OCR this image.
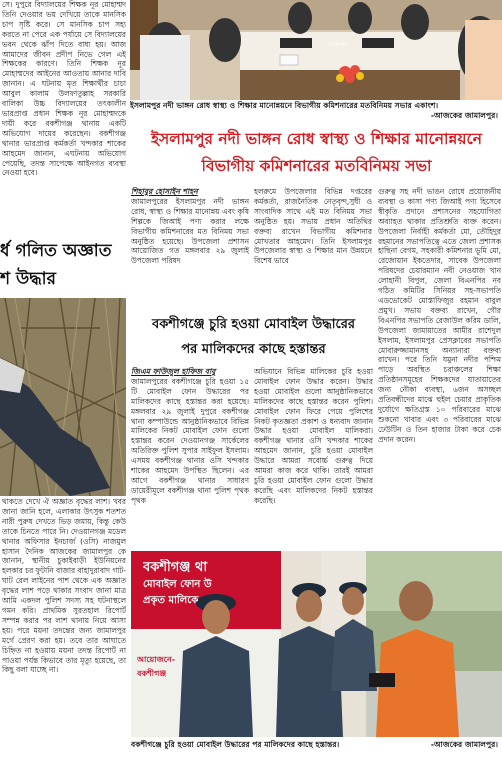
সে। দুপুরে বিদ্যালয়ের শিক্ষক নূর মোহাম্মদ তিনি দেওয়ার ভয় দেখিয়ে তাকে মানসিক চাপ সৃষ্টি করে। সে মানসিক চাপ সহ্য করতে না পেরে এক পর্যায়ে সে বিদ্যালয়ের ভবন থেকে ঝাঁপ দিতে বাধ্য হয়। আজ আমাদের জীবন প্রদীপ নিভে গেল এই শিক্ষকের কারণে। তিনি শিক্ষক নূর মোহাম্মদের আইনের আওতায় আনার দাবি জানান। এ ঘটনায় মৃত শিক্ষার্থীর চাচা আবুল কালাম উলফাতুল্লাহ সরকারি বালিকা উচ্চ বিদ্যালয়ের তৎকালীন ভারপ্রাপ্ত প্রধান শিক্ষক নূর মোহাম্মদকে দায়ী করে বকশীগঞ্জ থানায় একটি অভিযোগ দায়ের করেছেন। বকশীগঞ্জ থানার ভারপ্রাপ্ত কর্মকর্তা খন্দকার শাকের আহমেদ জানান, এঘটনায় অভিযোগ পেয়েছি, তদন্ত সাপেক্ষে আইনগত ব্যবস্থা নেওয়া হবে।
জামালপুর
ইসলামপুর নদী ভাঙ্গন রোধ স্বাস্থ্য ও শিক্ষার মানোন্নয়নে বিভাগীয় কমিশনারের মতবিনিময় সভার একাংশ।
-আজকের জামালপুর।
ইসলামপুর নদী ভাঙ্গন রোধ স্বাস্থ্য ও শিক্ষার মানোন্নয়নে
বিভাগীয় কমিশনারের মতবিনিময় সভা
শিহাবুর হোসাইন শাহন
জামালপুরের ইসলামপুর নদী ভাঙ্গন রোধ, স্বাস্থ্য ও শিক্ষার মানোন্নয় এবং কৃষি শিল্পকে জিআই পণ্য করার লক্ষে বিভাগীয় কমিশনারের মত বিনিময় সভা অনুষ্ঠিত হয়েছে। উপজেলা প্রশাসন আয়োজিত গত মঙ্গলবার ২৯ জুলাই উপজেলা পরিষদ
হলরুমে উপজেলার বিভিন্ন দপ্তরের কর্মকর্তা, রাজনৈতিক নেতৃবৃন্দ,সুধী ও সাংবাদিক সাথে এই মত বিনিময় সভা অনুষ্ঠিত হয়। সভায় প্রধান অতিথির বক্তব্য রাখেন বিভাগীয় কমিশনার মোখতার আহমেদ। তিনি ইসলামপুর উপজেলার স্বাস্থ্য ও শিক্ষার মান উন্নয়নে বিশেষ ভাবে
গুরুত্ব সহ নদী ভাঙন রোধে প্রয়োজনীয় ব্যবস্থা ও কাসা পণ্য জিআই পণ্য হিসেবে স্বীকৃতি প্রদানে প্রশাসনের সহযোগিতা অব্যাহত থাকার প্রতিশ্রুতি ব্যক্ত করেন। উপজেলা নির্বাহী কর্মকর্তা মো, তৌহিদুর রহমানের সভাপতিত্বে এতে জেলা প্রশাসক হাছিনা বেগম, সহকারী কমিশনার ভূমি মো, রেজোয়ান ইকতেদার, সাবেক উপজেলা পরিষদের চেয়ারম্যান নবী নেওয়াজ খান লোহানী বিপুল, জেলা বিএনপির নব গঠিত কমিটির সিনিয়র সহ-সভাপতি এডভোকেট মোস্তাফিজুর রহমান বাবুল প্রমুখ। সভায় বক্তব্য রাখেন, গৌর বিএনপির সভাপতি রেজাউল করিম ডালি, উপজেলা জামায়াতের আমীর রাশেদুল ইসলাম, ইসলামপুর প্রেসক্লাবের সভাপতি মোবারুজ্জামানসহ অন্যান্যরা বক্তব্য রাখেন। পরে তিনি যমুনা নদীর পশ্চিম পাড়ে অবস্থিত চরাঞ্চলের শিক্ষা প্রতিষ্ঠানসমূহের শিক্ষকদের যাতায়াতের জন্য নৌকা ব্যবস্থা, ৬জন অসচ্ছল প্রতিবন্ধীদের মাঝে হুইল চেয়ার প্রাকৃতিক দুর্যোগে ক্ষতিগ্রস্ত ১০ পরিবারের মাঝে শুকনো খাবার এবং ৩ পরিবারের মাঝে ঢেউটিন ও তিন হাজার টাকা করে চেক প্রদান করেন।
র্ধ গলিত অজ্ঞাত
শ উদ্ধার
থাকতে দেখে ঐ অজ্ঞাত বৃদ্ধের লাশ। খবর জানা জানি হলে, এলাকার উৎসুক শতশত নারী পুরুষ দেখতে ভিড় জমায়, কিন্তু কেউ তাকে চিনতে পারে নি। দেওয়ানগঞ্জ মডেল থানার অফিসার ইনচার্জ (ওসি) নাজমুল হাসান দৈনিক আজকের জামালপুর কে জানান, স্থানীয় চুকাইবাড়ী ইউনিয়নের হলকার চর ফুটানি বাজার বাহাদুরাবাদ গাট-ঘাট রেল লাইনের পাশ থেকে এক অজ্ঞাত বৃদ্ধের লাশ পড়ে থাকার সংবাদ জানা মাত্র আমি একদল পুলিশ সদস্য সহ ঘটনাস্থলে গমন করি। প্রাথমিক সুরতহাল রিপোর্ট সম্পন্ন করার পর লাশ থানায় নিয়ে আসা হয়। পরে ময়না তদন্তের জন্য জামালপুর মর্গে প্রেরণ করা হয়। তবে তার আঘাতে চিহ্নিত না হওয়ায় ময়না তদন্ত রিপোর্ট না পাওয়া পর্যন্ত কিভাবে তার মৃত্যু হয়েছে, তা কিছু বলা যাচ্ছে না।
বকশীগঞ্জে চুরি হওয়া মোবাইল উদ্ধারের
পর মালিকদের কাছে হস্তান্তর
জিএম ফাউজুল হাফিজ বাবু
জামালপুরের বকশীগঞ্জে চুরি হওয়া ১৫ টি মোবাইল ফোন উদ্ধারের পর মালিকদের কাছে হস্তান্তর করা হয়েছে। মঙ্গলবার ২৯ জুলাই দুপুরে বকশীগঞ্জ থানা কম্পাউন্ডে আনুষ্ঠানিকভাবে বিভিন্ন মালিকের নিকট মোবাইল ফোন গুলো হস্তান্তর করেন দেওয়ানগঞ্জ সার্কেলের অতিরিক্ত পুলিশ সুপার সাইফুল ইসলাম। এসময় বকশীগঞ্জ থানার ওসি খন্দকার শাকের আহমেদ উপস্থিত ছিলেন। এর আগে বকশীগঞ্জ থানার সাধারণ ডায়েরীমূলে বকশীগঞ্জ থানা পুলিশ পৃথক পৃথক
অভিযানে বিভিন্ন মালিকের চুরি হওয়া মোবাইল ফোন উদ্ধার করেন। উদ্ধার হওয়া মোবাইল গুলো আনুষ্ঠানিকভাবে মালিকদের কাছে হস্তান্তর করেন পুলিশ। মোবাইল ফোন ফিরে পেয়ে পুলিশের নিকট কৃতজ্ঞতা প্রকাশ ও ধন্যবাদ জানান উদ্ধার হওয়া মোবাইল মালিকরা। বকশীগঞ্জ থানার ওসি খন্দকার শাকের আহমেদ জানান, চুরি হওয়া মোবাইল উদ্ধারে আমরা সবোর্চ্চ গুরুত্ব দিয়ে আমরা কাজ করে থাকি। তারই আমরা চুরি হওয়া মোবাইল ফোন গুলো উদ্ধার করেছি এবং মালিকদের নিকট হস্তান্তর করেছি।
বকশীগঞ্জ থা
মোবাইল ফোন উ
প্রকৃত মালিকে
আয়োজনে-
বকশীগঞ্জ
বকশীগঞ্জে চুরি হওয়া মোবাইল উদ্ধারের পর মালিকদের কাছে হস্তান্তর।	-আজকের জামালপুর।
